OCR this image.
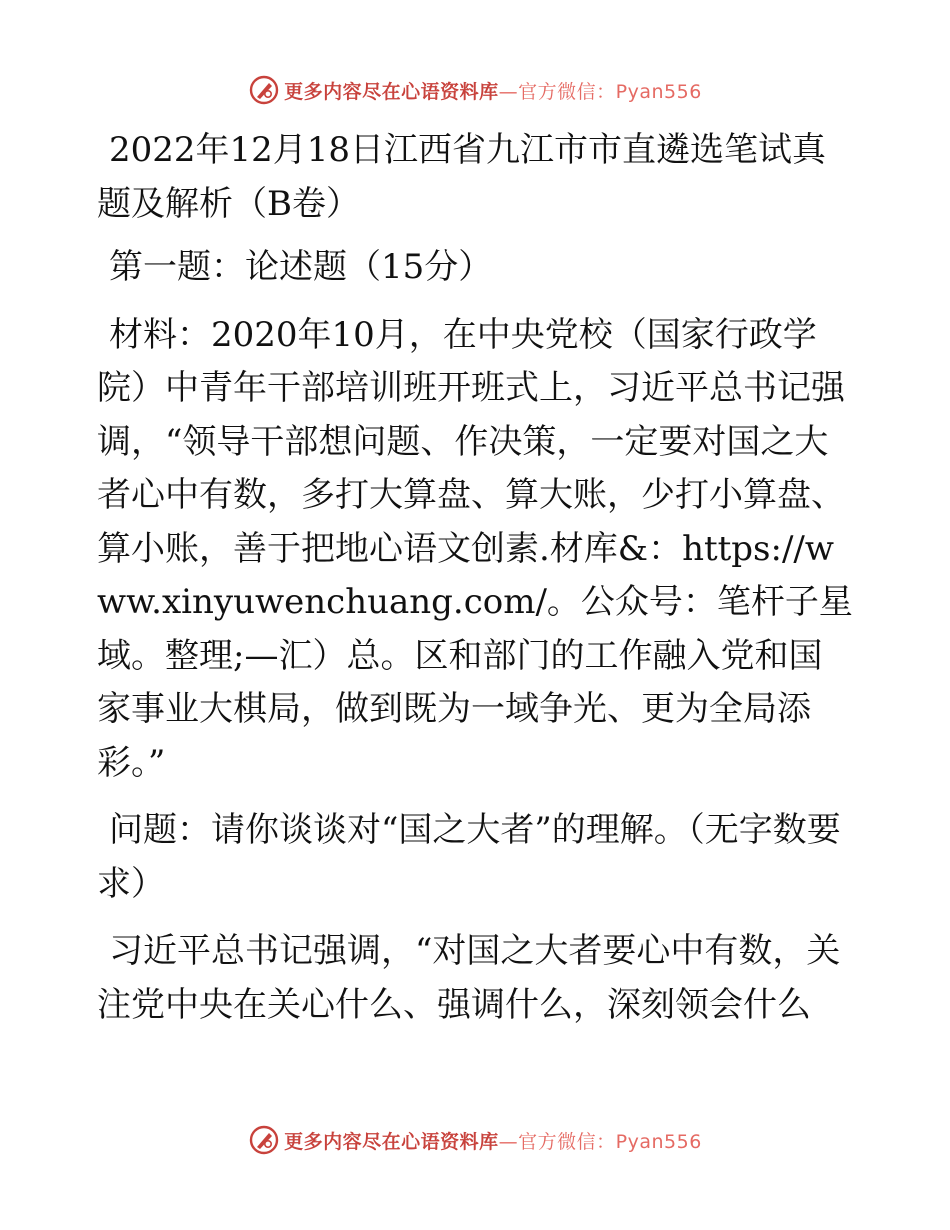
更多内容尽在心语资料库—官方微信：Pyan556

2022年12月18日江西省九江市市直遴选笔试真题及解析（B卷）

第一题：论述题（15分）

材料：2020年10月，在中央党校（国家行政学院）中青年干部培训班开班式上，习近平总书记强调，“领导干部想问题、作决策，一定要对国之大者心中有数，多打大算盘、算大账，少打小算盘、算小账，善于把地心语文创素.材库&：https://www.xinyuwenchuang.com/。公众号：笔杆子星域。整理;—汇）总。区和部门的工作融入党和国家事业大棋局，做到既为一域争光、更为全局添彩。”

问题：请你谈谈对“国之大者”的理解。（无字数要求）

习近平总书记强调，“对国之大者要心中有数，关注党中央在关心什么、强调什么，深刻领会什么

更多内容尽在心语资料库—官方微信：Pyan556
